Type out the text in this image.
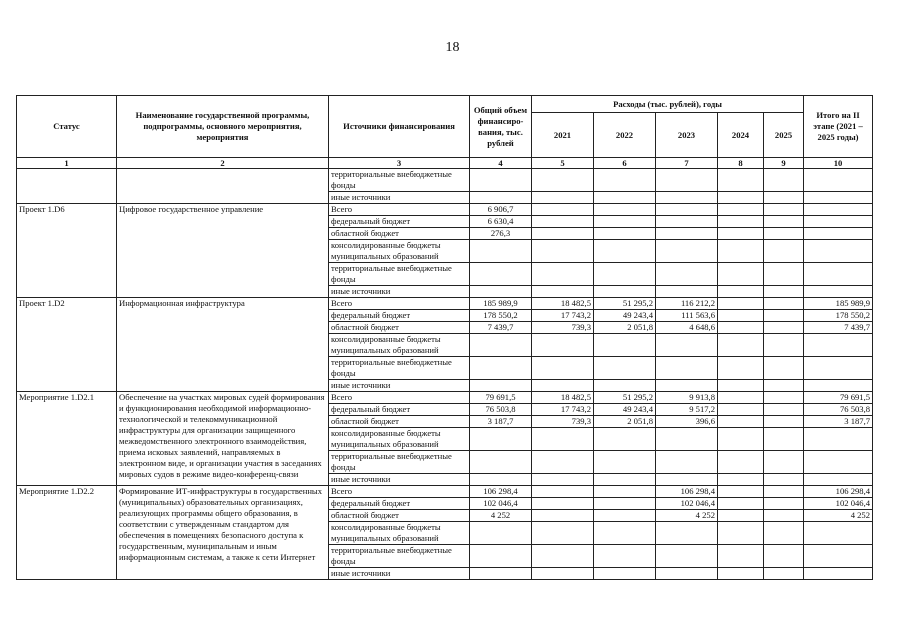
18
Статус	Наименование государственной программы, подпрограммы, основного мероприятия, мероприятия	Источники финансирования	Общий объем финансиро-вания, тыс. рублей	Расходы (тыс. рублей), годы					Итого на II этапе (2021 – 2025 годы)
				2021	2022	2023	2024	2025	
1	2	3	4	5	6	7	8	9	10
		территориальные внебюджетные фонды							
		иные источники							
Проект 1.D6	Цифровое государственное управление	Всего	6 906,7						
		федеральный бюджет	6 630,4						
		областной бюджет	276,3						
		консолидированные бюджеты муниципальных образований							
		территориальные внебюджетные фонды							
		иные источники							
Проект 1.D2	Информационная инфраструктура	Всего	185 989,9	18 482,5	51 295,2	116 212,2			185 989,9
		федеральный бюджет	178 550,2	17 743,2	49 243,4	111 563,6			178 550,2
		областной бюджет	7 439,7	739,3	2 051,8	4 648,6			7 439,7
		консолидированные бюджеты муниципальных образований							
		территориальные внебюджетные фонды							
		иные источники							
Мероприятие 1.D2.1	Обеспечение на участках мировых судей формирования и функционирования необходимой информационно-технологической и телекоммуникационной инфраструктуры для организации защищенного межведомственного электронного взаимодействия, приема исковых заявлений, направляемых в электронном виде, и организации участия в заседаниях мировых судов в режиме видео-конференц-связи	Всего	79 691,5	18 482,5	51 295,2	9 913,8			79 691,5
		федеральный бюджет	76 503,8	17 743,2	49 243,4	9 517,2			76 503,8
		областной бюджет	3 187,7	739,3	2 051,8	396,6			3 187,7
		консолидированные бюджеты муниципальных образований							
		территориальные внебюджетные фонды							
		иные источники							
Мероприятие 1.D2.2	Формирование ИТ-инфраструктуры в государственных (муниципальных) образовательных организациях, реализующих программы общего образования, в соответствии с утвержденным стандартом для обеспечения в помещениях безопасного доступа к государственным, муниципальным и иным информационным системам, а также к сети Интернет	Всего	106 298,4			106 298,4			106 298,4
		федеральный бюджет	102 046,4			102 046,4			102 046,4
		областной бюджет	4 252			4 252			4 252
		консолидированные бюджеты муниципальных образований							
		территориальные внебюджетные фонды							
		иные источники							
